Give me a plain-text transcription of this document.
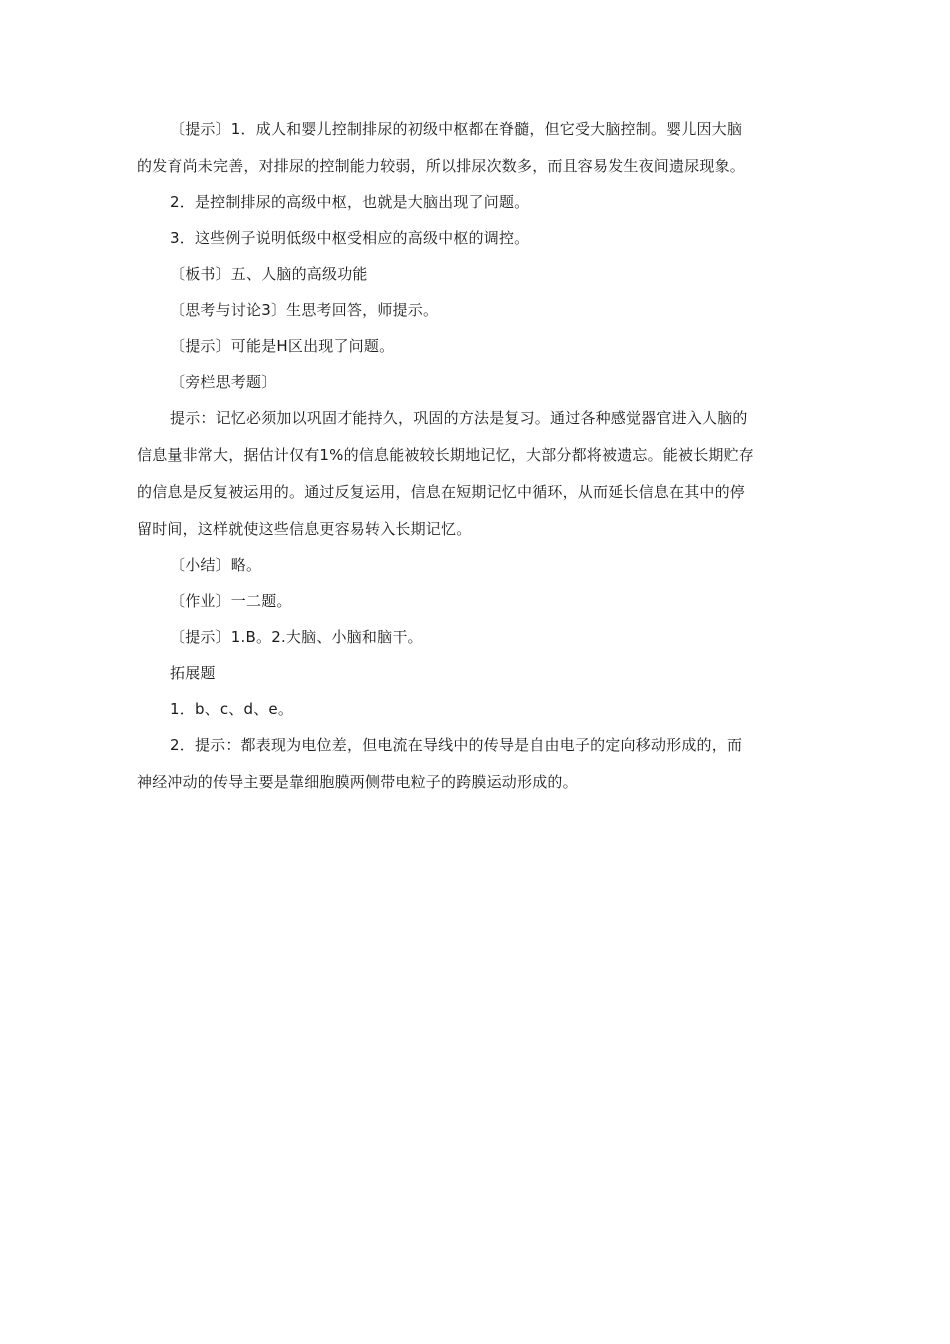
〔提示〕1．成人和婴儿控制排尿的初级中枢都在脊髓，但它受大脑控制。婴儿因大脑
的发育尚未完善，对排尿的控制能力较弱，所以排尿次数多，而且容易发生夜间遗尿现象。

2．是控制排尿的高级中枢，也就是大脑出现了问题。

3．这些例子说明低级中枢受相应的高级中枢的调控。

〔板书〕五、人脑的高级功能

〔思考与讨论3〕生思考回答，师提示。

〔提示〕可能是H区出现了问题。

〔旁栏思考题〕

提示：记忆必须加以巩固才能持久，巩固的方法是复习。通过各种感觉器官进入人脑的
信息量非常大，据估计仅有1%的信息能被较长期地记忆，大部分都将被遗忘。能被长期贮存
的信息是反复被运用的。通过反复运用，信息在短期记忆中循环，从而延长信息在其中的停
留时间，这样就使这些信息更容易转入长期记忆。

〔小结〕略。

〔作业〕一二题。

〔提示〕1.B。2.大脑、小脑和脑干。

拓展题

1．b、c、d、e。

2．提示：都表现为电位差，但电流在导线中的传导是自由电子的定向移动形成的，而
神经冲动的传导主要是靠细胞膜两侧带电粒子的跨膜运动形成的。
